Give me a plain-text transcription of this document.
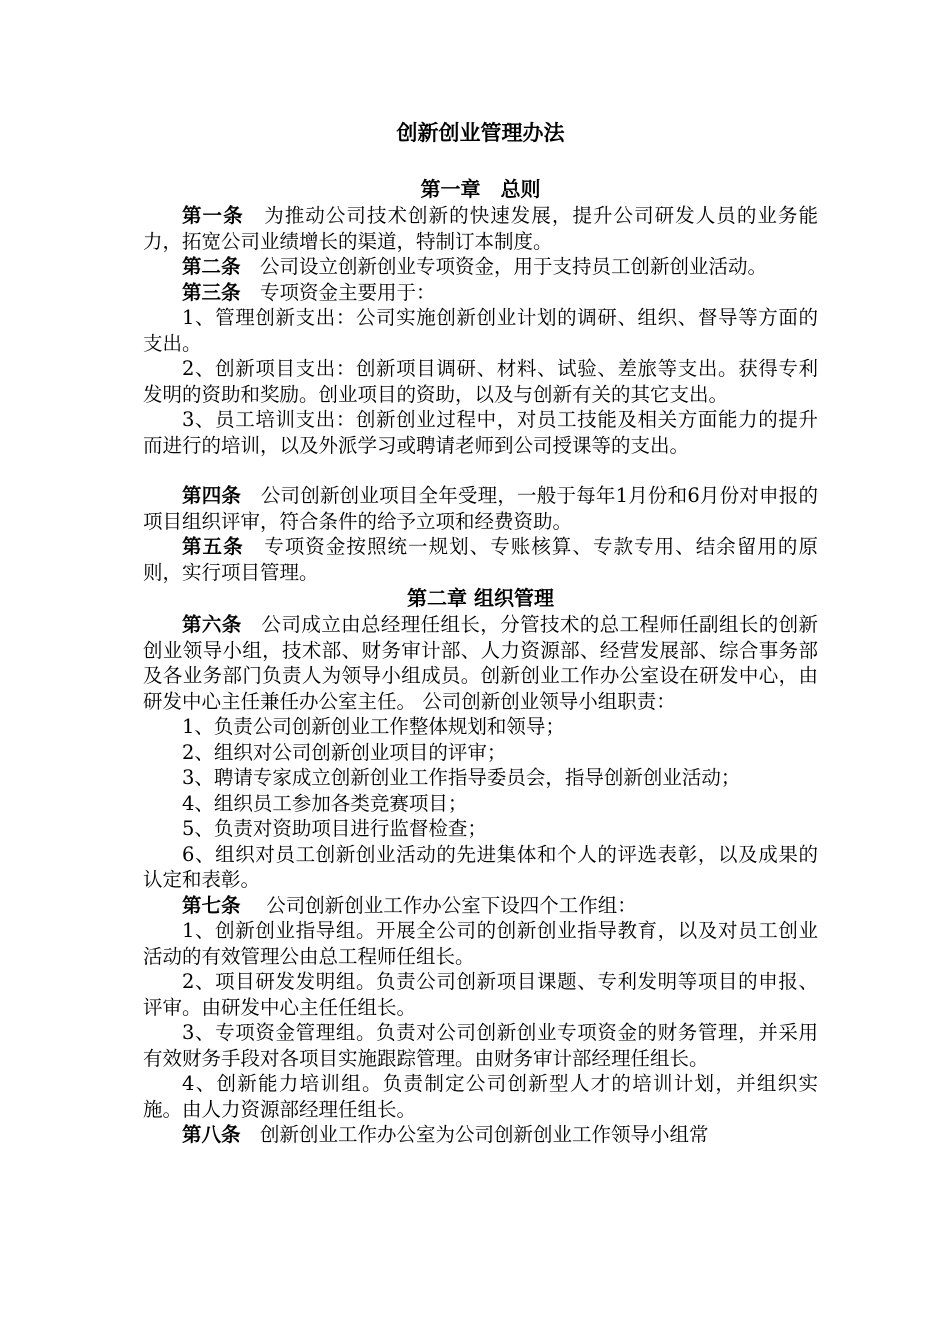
创新创业管理办法
第一章　总则

第一条　为推动公司技术创新的快速发展，提升公司研发人员的业务能力，拓宽公司业绩增长的渠道，特制订本制度。

第二条　公司设立创新创业专项资金，用于支持员工创新创业活动。

第三条　专项资金主要用于：

1、管理创新支出：公司实施创新创业计划的调研、组织、督导等方面的支出。

2、创新项目支出：创新项目调研、材料、试验、差旅等支出。获得专利发明的资助和奖励。创业项目的资助，以及与创新有关的其它支出。

3、员工培训支出：创新创业过程中，对员工技能及相关方面能力的提升而进行的培训，以及外派学习或聘请老师到公司授课等的支出。

第四条　公司创新创业项目全年受理，一般于每年1月份和6月份对申报的项目组织评审，符合条件的给予立项和经费资助。

第五条　专项资金按照统一规划、专账核算、专款专用、结余留用的原则，实行项目管理。

第二章 组织管理

第六条　公司成立由总经理任组长，分管技术的总工程师任副组长的创新创业领导小组，技术部、财务审计部、人力资源部、经营发展部、综合事务部及各业务部门负责人为领导小组成员。创新创业工作办公室设在研发中心，由研发中心主任兼任办公室主任。 公司创新创业领导小组职责：

1、负责公司创新创业工作整体规划和领导；

2、组织对公司创新创业项目的评审；

3、聘请专家成立创新创业工作指导委员会，指导创新创业活动；

4、组织员工参加各类竞赛项目；

5、负责对资助项目进行监督检查；

6、组织对员工创新创业活动的先进集体和个人的评选表彰，以及成果的认定和表彰。

第七条　 公司创新创业工作办公室下设四个工作组：

1、创新创业指导组。开展全公司的创新创业指导教育，以及对员工创业活动的有效管理公由总工程师任组长。

2、项目研发发明组。负责公司创新项目课题、专利发明等项目的申报、评审。由研发中心主任任组长。

3、专项资金管理组。负责对公司创新创业专项资金的财务管理，并采用有效财务手段对各项目实施跟踪管理。由财务审计部经理任组长。

4、创新能力培训组。负责制定公司创新型人才的培训计划，并组织实施。由人力资源部经理任组长。

第八条　创新创业工作办公室为公司创新创业工作领导小组常
